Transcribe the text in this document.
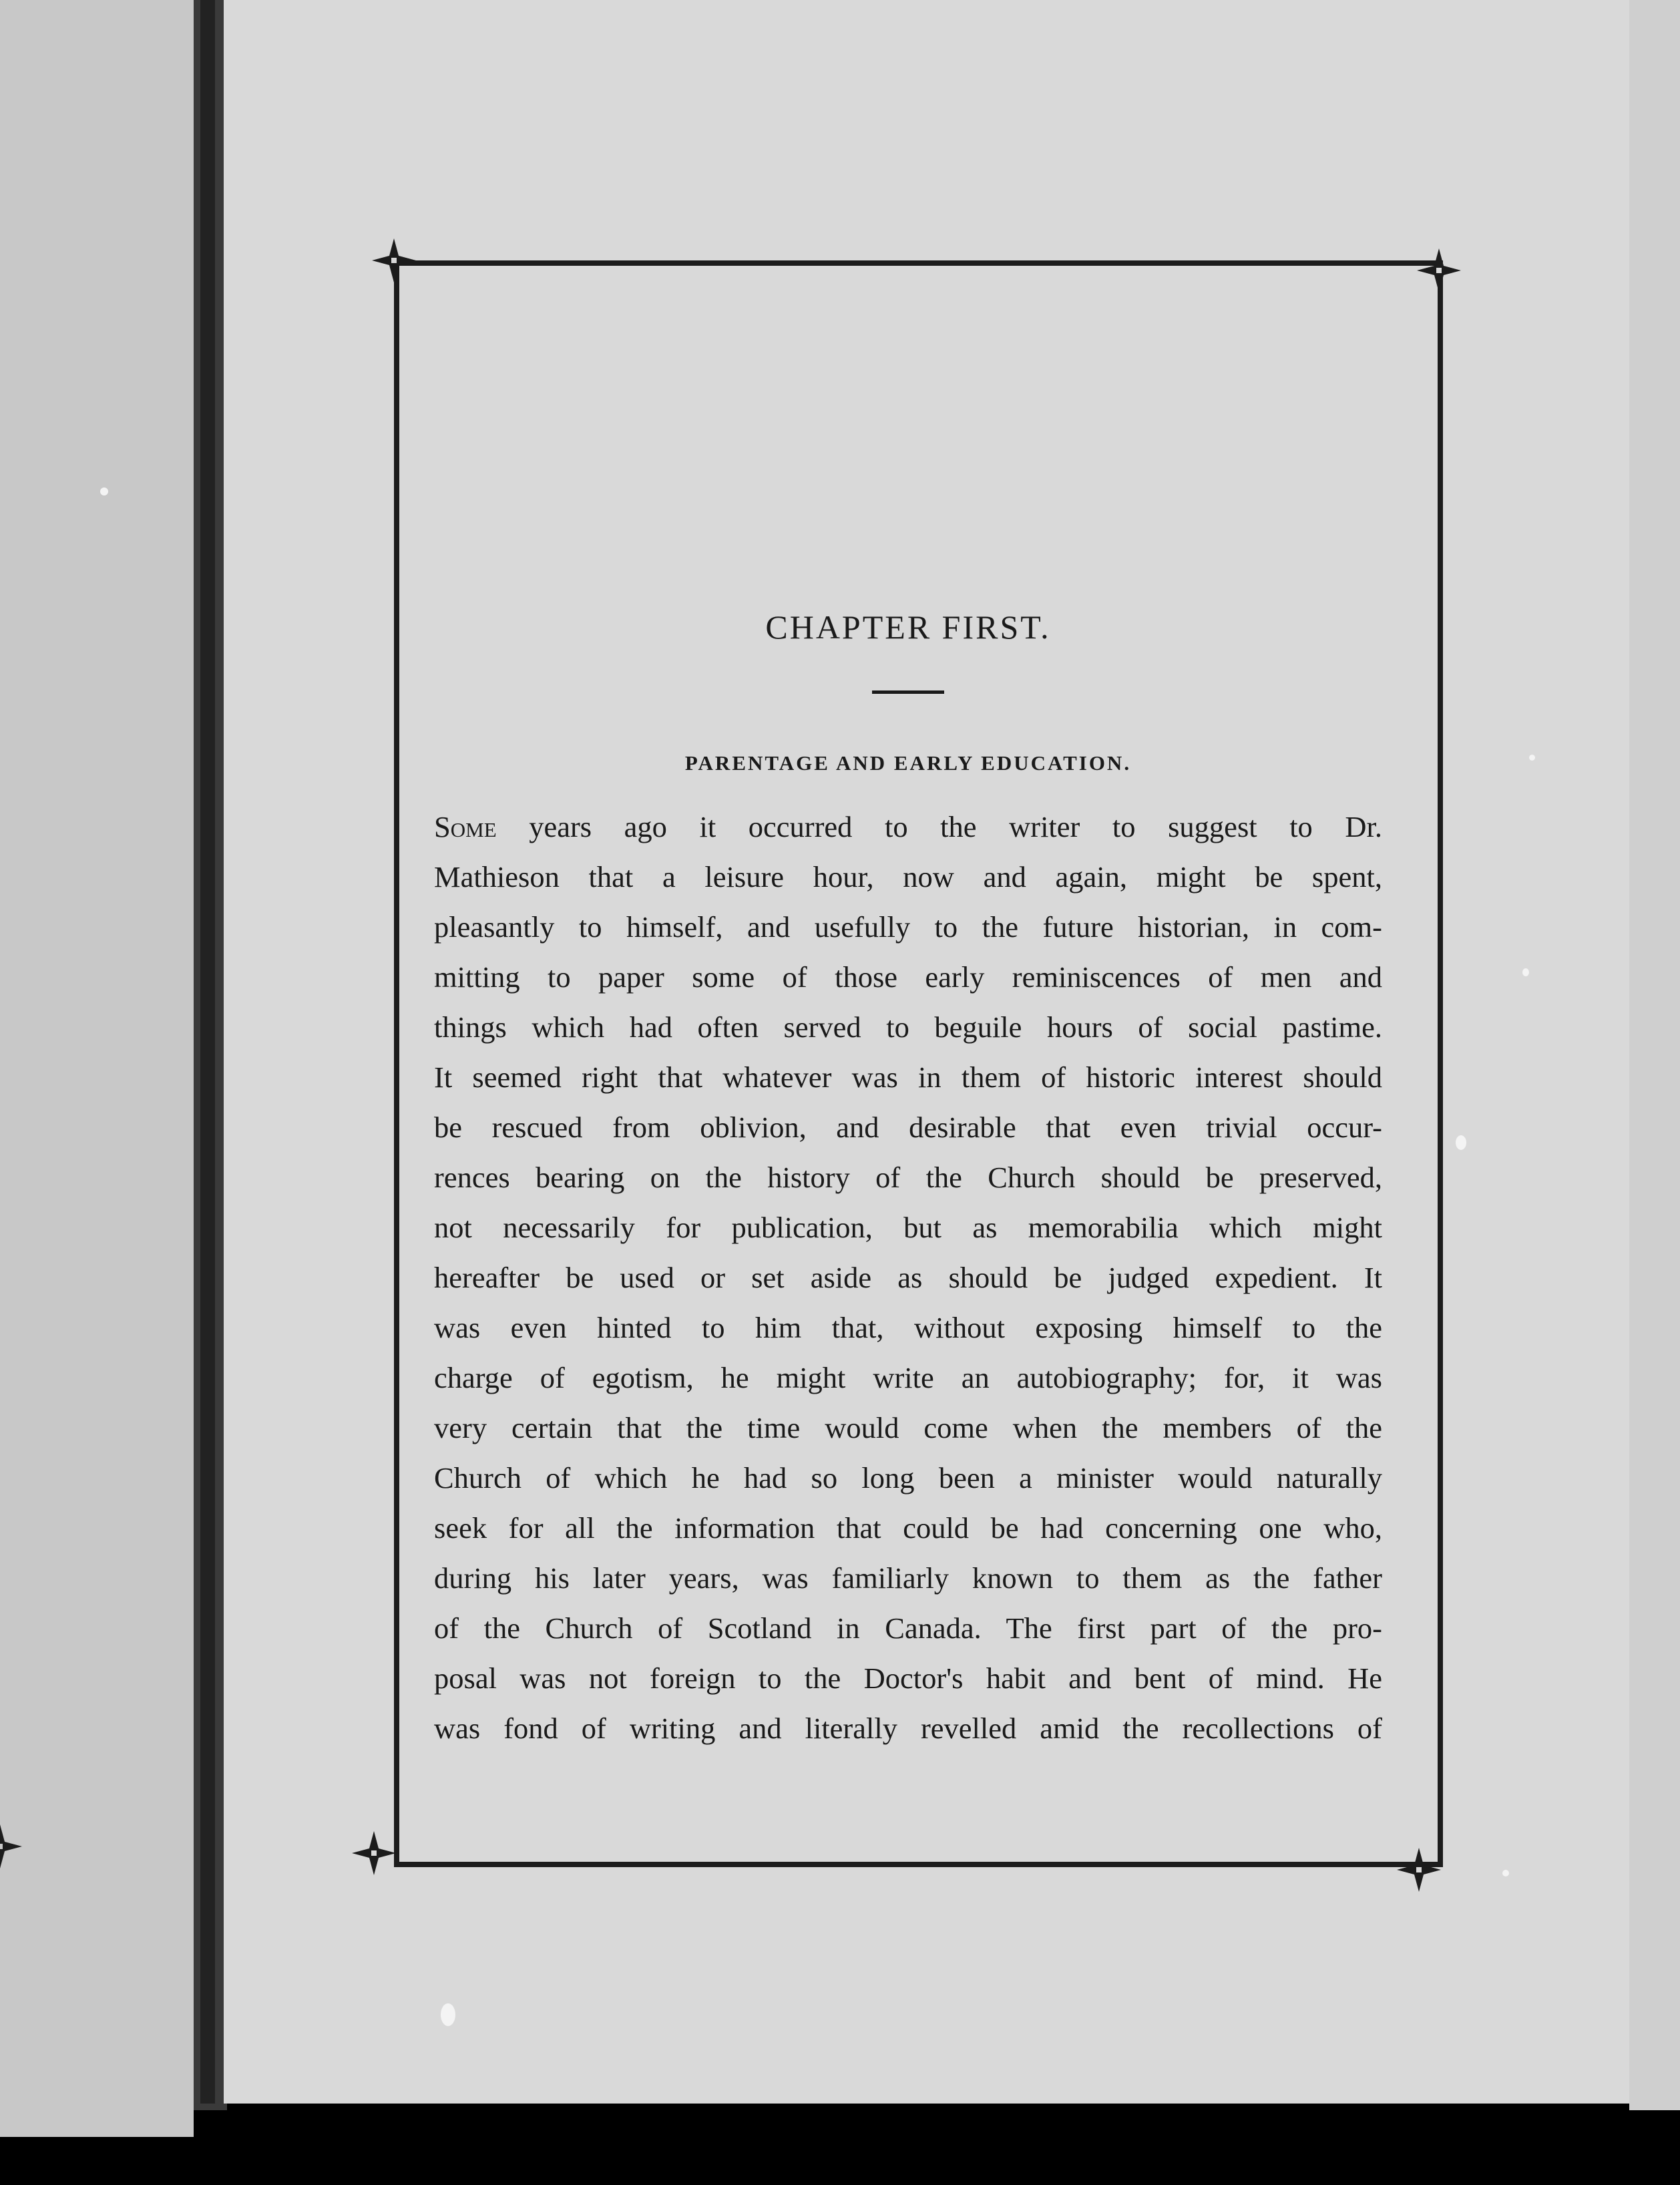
CHAPTER FIRST.
PARENTAGE AND EARLY EDUCATION.
Some years ago it occurred to the writer to suggest to Dr.
Mathieson that a leisure hour, now and again, might be spent,
pleasantly to himself, and usefully to the future historian, in com-
mitting to paper some of those early reminiscences of men and
things which had often served to beguile hours of social pastime.
It seemed right that whatever was in them of historic interest should
be rescued from oblivion, and desirable that even trivial occur-
rences bearing on the history of the Church should be preserved,
not necessarily for publication, but as memorabilia which might
hereafter be used or set aside as should be judged expedient. It
was even hinted to him that, without exposing himself to the
charge of egotism, he might write an autobiography; for, it was
very certain that the time would come when the members of the
Church of which he had so long been a minister would naturally
seek for all the information that could be had concerning one who,
during his later years, was familiarly known to them as the father
of the Church of Scotland in Canada. The first part of the pro-
posal was not foreign to the Doctor's habit and bent of mind. He
was fond of writing and literally revelled amid the recollections of
